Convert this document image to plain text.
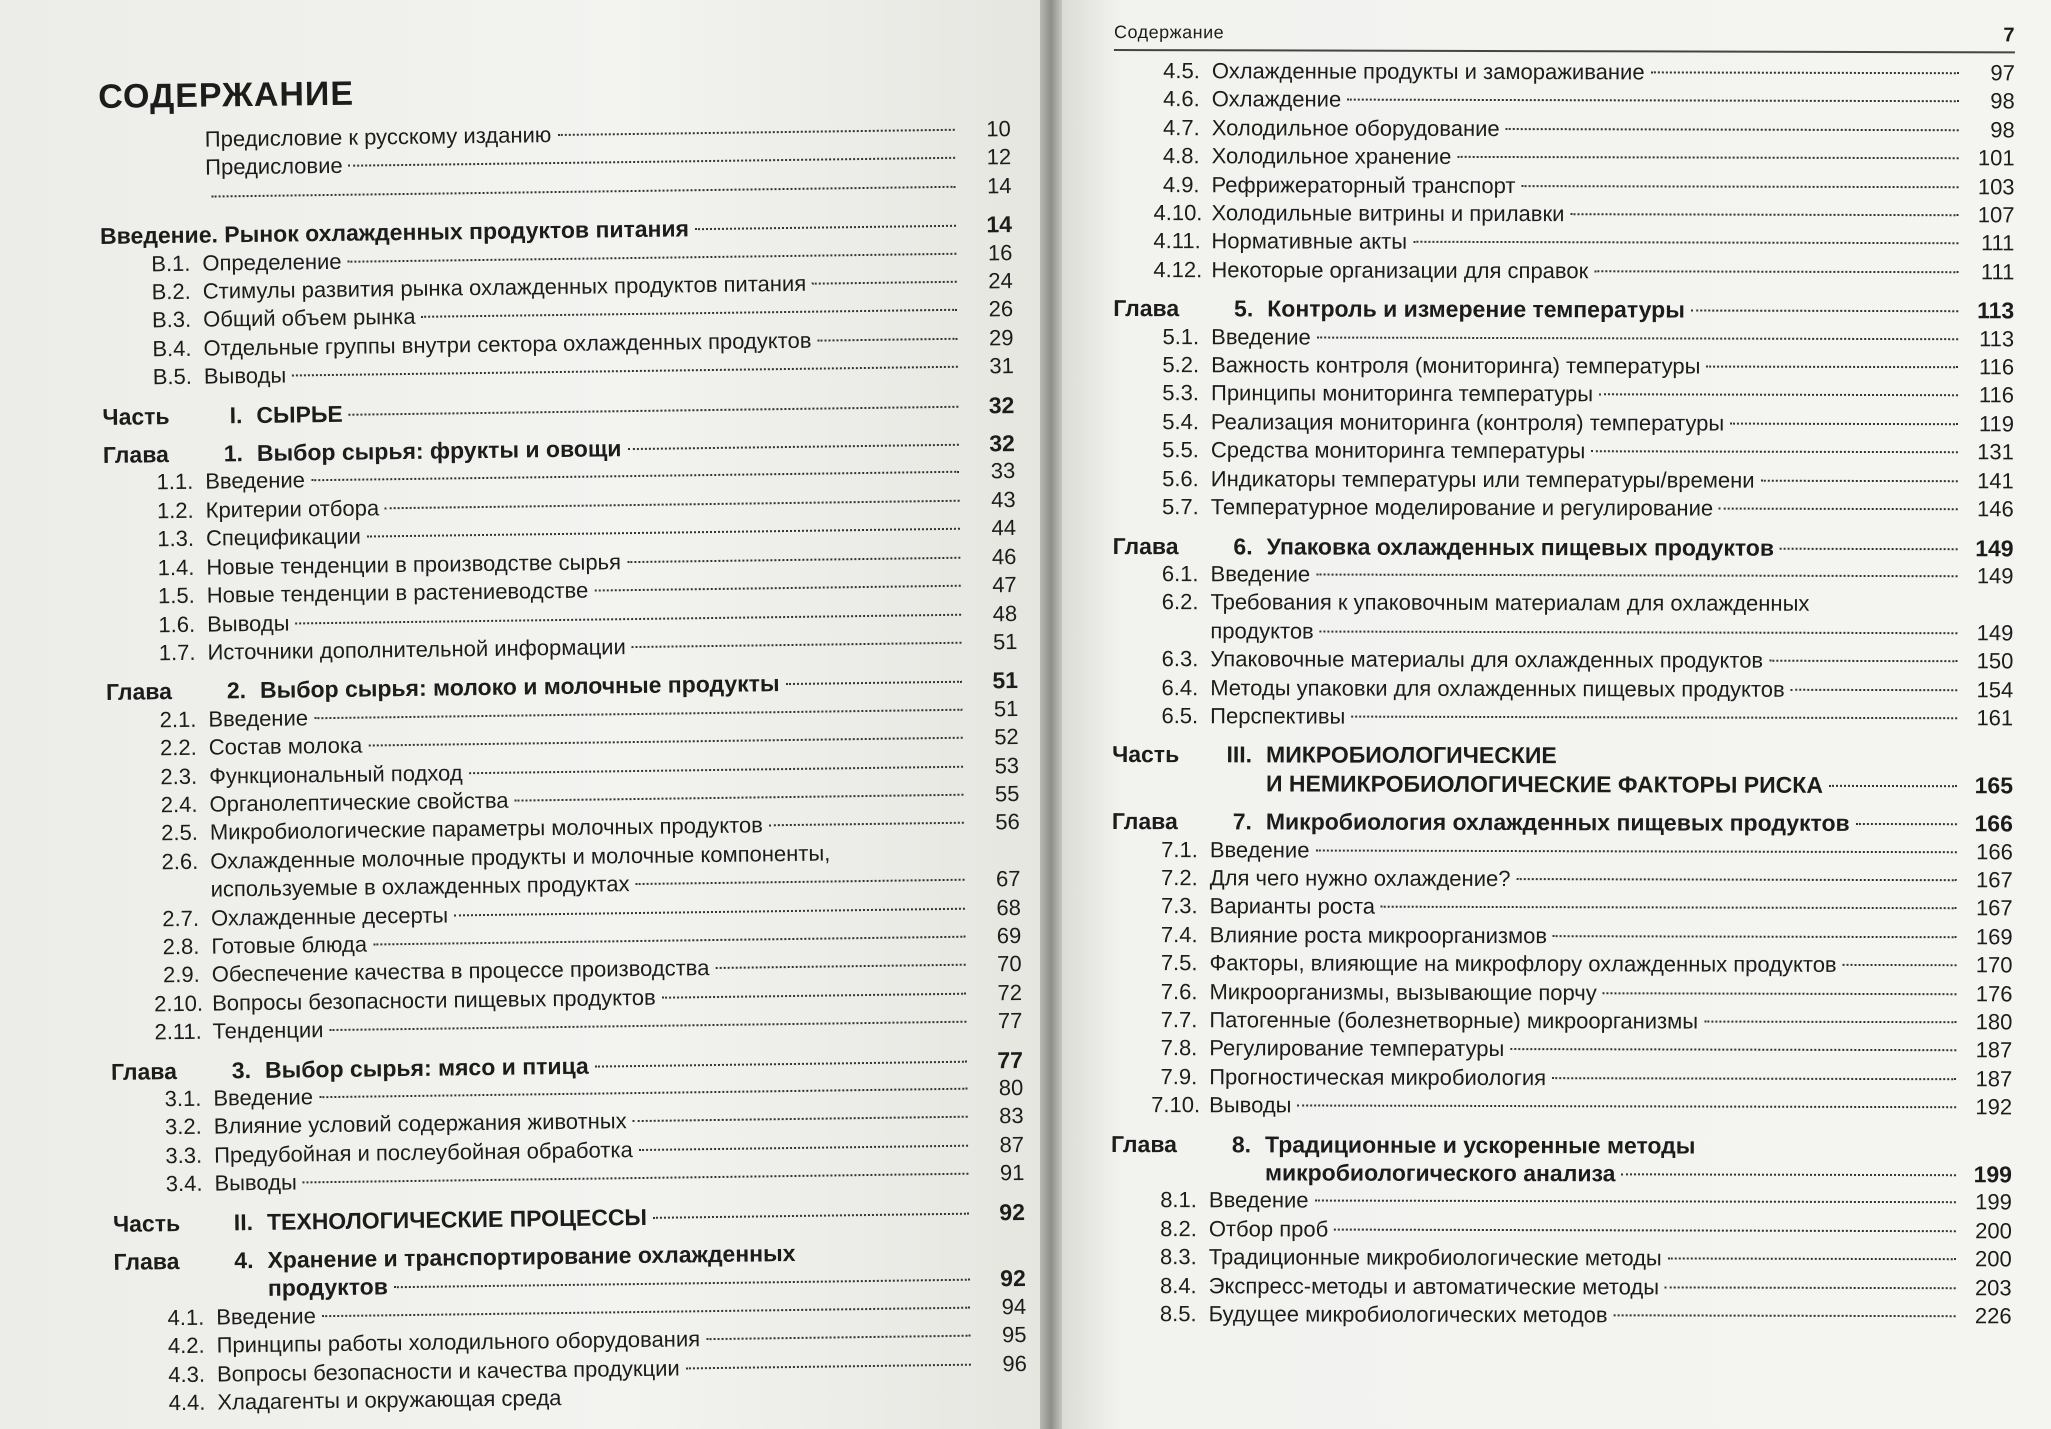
СОДЕРЖАНИЕ
Предисловие к русскому изданию	10
Предисловие	12
14
Введение. Рынок охлажденных продуктов питания	14
В.1. Определение	16
В.2. Стимулы развития рынка охлажденных продуктов питания	24
В.3. Общий объем рынка	26
В.4. Отдельные группы внутри сектора охлажденных продуктов	29
В.5. Выводы	31
Часть	I. СЫРЬЕ	32
Глава	1. Выбор сырья: фрукты и овощи	32
1.1. Введение	33
1.2. Критерии отбора	43
1.3. Спецификации	44
1.4. Новые тенденции в производстве сырья	46
1.5. Новые тенденции в растениеводстве	47
1.6. Выводы	48
1.7. Источники дополнительной информации	51
Глава	2. Выбор сырья: молоко и молочные продукты	51
2.1. Введение	51
2.2. Состав молока	52
2.3. Функциональный подход	53
2.4. Органолептические свойства	55
2.5. Микробиологические параметры молочных продуктов	56
2.6. Охлажденные молочные продукты и молочные компоненты,
используемые в охлажденных продуктах	67
2.7. Охлажденные десерты	68
2.8. Готовые блюда	69
2.9. Обеспечение качества в процессе производства	70
2.10. Вопросы безопасности пищевых продуктов	72
2.11. Тенденции	77
Глава	3. Выбор сырья: мясо и птица	77
3.1. Введение	80
3.2. Влияние условий содержания животных	83
3.3. Предубойная и послеубойная обработка	87
3.4. Выводы	91
Часть	II. ТЕХНОЛОГИЧЕСКИЕ ПРОЦЕССЫ	92
Глава	4. Хранение и транспортирование охлажденных
продуктов	92
4.1. Введение	94
4.2. Принципы работы холодильного оборудования	95
4.3. Вопросы безопасности и качества продукции	96
4.4. Хладагенты и окружающая среда
Содержание	7
4.5. Охлажденные продукты и замораживание	97
4.6. Охлаждение	98
4.7. Холодильное оборудование	98
4.8. Холодильное хранение	101
4.9. Рефрижераторный транспорт	103
4.10. Холодильные витрины и прилавки	107
4.11. Нормативные акты	111
4.12. Некоторые организации для справок	111
Глава	5. Контроль и измерение температуры	113
5.1. Введение	113
5.2. Важность контроля (мониторинга) температуры	116
5.3. Принципы мониторинга температуры	116
5.4. Реализация мониторинга (контроля) температуры	119
5.5. Средства мониторинга температуры	131
5.6. Индикаторы температуры или температуры/времени	141
5.7. Температурное моделирование и регулирование	146
Глава	6. Упаковка охлажденных пищевых продуктов	149
6.1. Введение	149
6.2. Требования к упаковочным материалам для охлажденных
продуктов	149
6.3. Упаковочные материалы для охлажденных продуктов	150
6.4. Методы упаковки для охлажденных пищевых продуктов	154
6.5. Перспективы	161
Часть	III. МИКРОБИОЛОГИЧЕСКИЕ
И НЕМИКРОБИОЛОГИЧЕСКИЕ ФАКТОРЫ РИСКА	165
Глава	7. Микробиология охлажденных пищевых продуктов	166
7.1. Введение	166
7.2. Для чего нужно охлаждение?	167
7.3. Варианты роста	167
7.4. Влияние роста микроорганизмов	169
7.5. Факторы, влияющие на микрофлору охлажденных продуктов	170
7.6. Микроорганизмы, вызывающие порчу	176
7.7. Патогенные (болезнетворные) микроорганизмы	180
7.8. Регулирование температуры	187
7.9. Прогностическая микробиология	187
7.10. Выводы	192
Глава	8. Традиционные и ускоренные методы
микробиологического анализа	199
8.1. Введение	199
8.2. Отбор проб	200
8.3. Традиционные микробиологические методы	200
8.4. Экспресс-методы и автоматические методы	203
8.5. Будущее микробиологических методов	226
